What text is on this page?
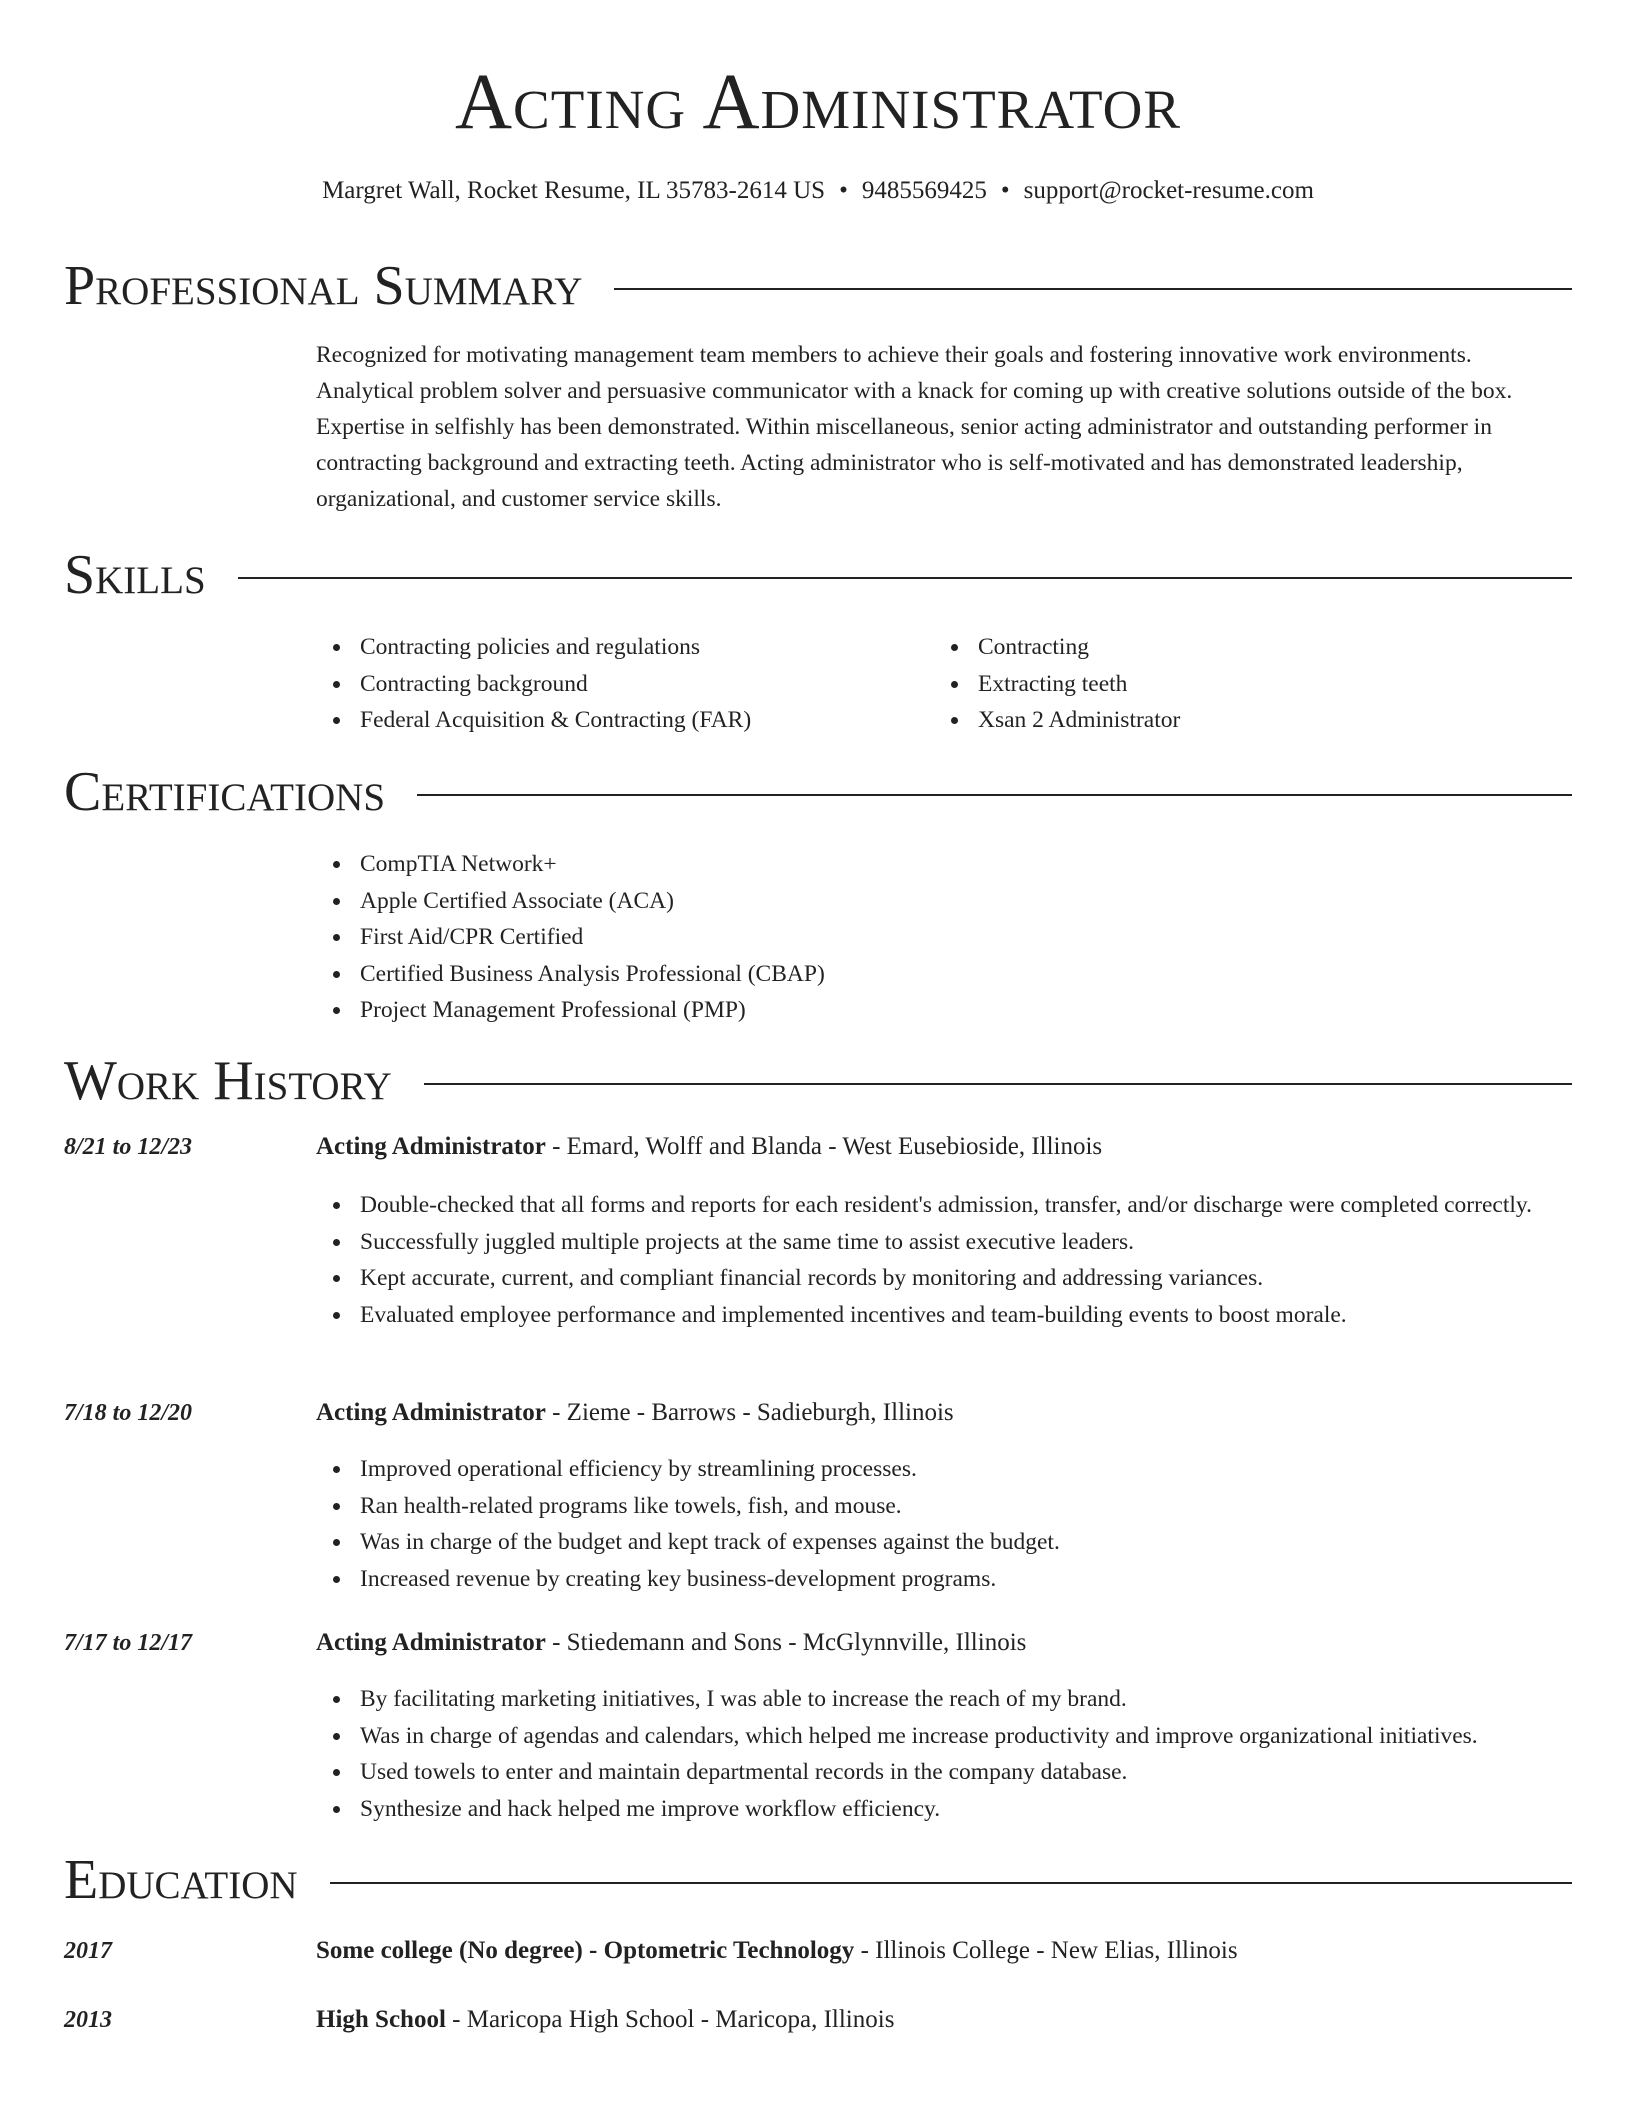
Acting Administrator
Margret Wall, Rocket Resume, IL 35783-2614 US • 9485569425 • support@rocket-resume.com
Professional Summary

Recognized for motivating management team members to achieve their goals and fostering innovative work environments. Analytical problem solver and persuasive communicator with a knack for coming up with creative solutions outside of the box. Expertise in selfishly has been demonstrated. Within miscellaneous, senior acting administrator and outstanding performer in contracting background and extracting teeth. Acting administrator who is self-motivated and has demonstrated leadership, organizational, and customer service skills.

Skills
Contracting policies and regulations
Contracting background
Federal Acquisition & Contracting (FAR)
Contracting
Extracting teeth
Xsan 2 Administrator
Certifications
CompTIA Network+
Apple Certified Associate (ACA)
First Aid/CPR Certified
Certified Business Analysis Professional (CBAP)
Project Management Professional (PMP)
Work History
8/21 to 12/23	Acting Administrator - Emard, Wolff and Blanda - West Eusebioside, Illinois
Double-checked that all forms and reports for each resident's admission, transfer, and/or discharge were completed correctly.
Successfully juggled multiple projects at the same time to assist executive leaders.
Kept accurate, current, and compliant financial records by monitoring and addressing variances.
Evaluated employee performance and implemented incentives and team-building events to boost morale.
7/18 to 12/20	Acting Administrator - Zieme - Barrows - Sadieburgh, Illinois
Improved operational efficiency by streamlining processes.
Ran health-related programs like towels, fish, and mouse.
Was in charge of the budget and kept track of expenses against the budget.
Increased revenue by creating key business-development programs.
7/17 to 12/17	Acting Administrator - Stiedemann and Sons - McGlynnville, Illinois
By facilitating marketing initiatives, I was able to increase the reach of my brand.
Was in charge of agendas and calendars, which helped me increase productivity and improve organizational initiatives.
Used towels to enter and maintain departmental records in the company database.
Synthesize and hack helped me improve workflow efficiency.
Education
2017	Some college (No degree) - Optometric Technology - Illinois College - New Elias, Illinois
2013	High School - Maricopa High School - Maricopa, Illinois
